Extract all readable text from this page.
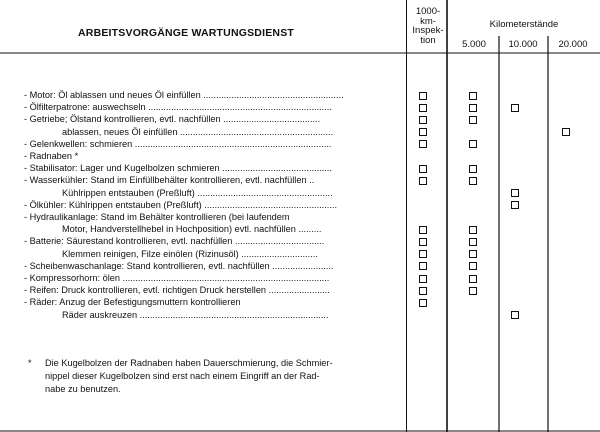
ARBEITSVORGÄNGE WARTUNGSDIENST
1000-
km-
Inspek-
tion
Kilometerstände
5.000	10.000	20.000
- Motor: Öl ablassen und neues Öl einfüllen .......................................................
- Ölfilterpatrone: auswechseln ........................................................................
- Getriebe; Ölstand kontrollieren, evtl. nachfüllen ......................................
ablassen, neues Öl einfüllen ............................................................
- Gelenkwellen: schmieren .............................................................................
- Radnaben *
- Stabilisator: Lager und Kugelbolzen schmieren ...........................................
- Wasserkühler: Stand im Einfüllbehälter kontrollieren, evtl. nachfüllen ..
Kühlrippen entstauben (Preßluft) .....................................................
- Ölkühler: Kühlrippen entstauben (Preßluft) ....................................................
- Hydraulikanlage: Stand im Behälter kontrollieren (bei laufendem
Motor, Handverstellhebel in Hochposition) evtl. nachfüllen .........
- Batterie: Säurestand kontrollieren, evtl. nachfüllen ...................................
Klemmen reinigen, Filze einölen (Rizinusöl) ..............................
- Scheibenwaschanlage: Stand kontrollieren, evtl. nachfüllen ........................
- Kompressorhorn: ölen .................................................................................
- Reifen: Druck kontrollieren, evtl. richtigen Druck herstellen ........................
- Räder: Anzug der Befestigungsmuttern kontrollieren
Räder auskreuzen ..........................................................................
* Die Kugelbolzen der Radnaben haben Dauerschmierung, die Schmier-
nippel dieser Kugelbolzen sind erst nach einem Eingriff an der Rad-
nabe zu benutzen.
